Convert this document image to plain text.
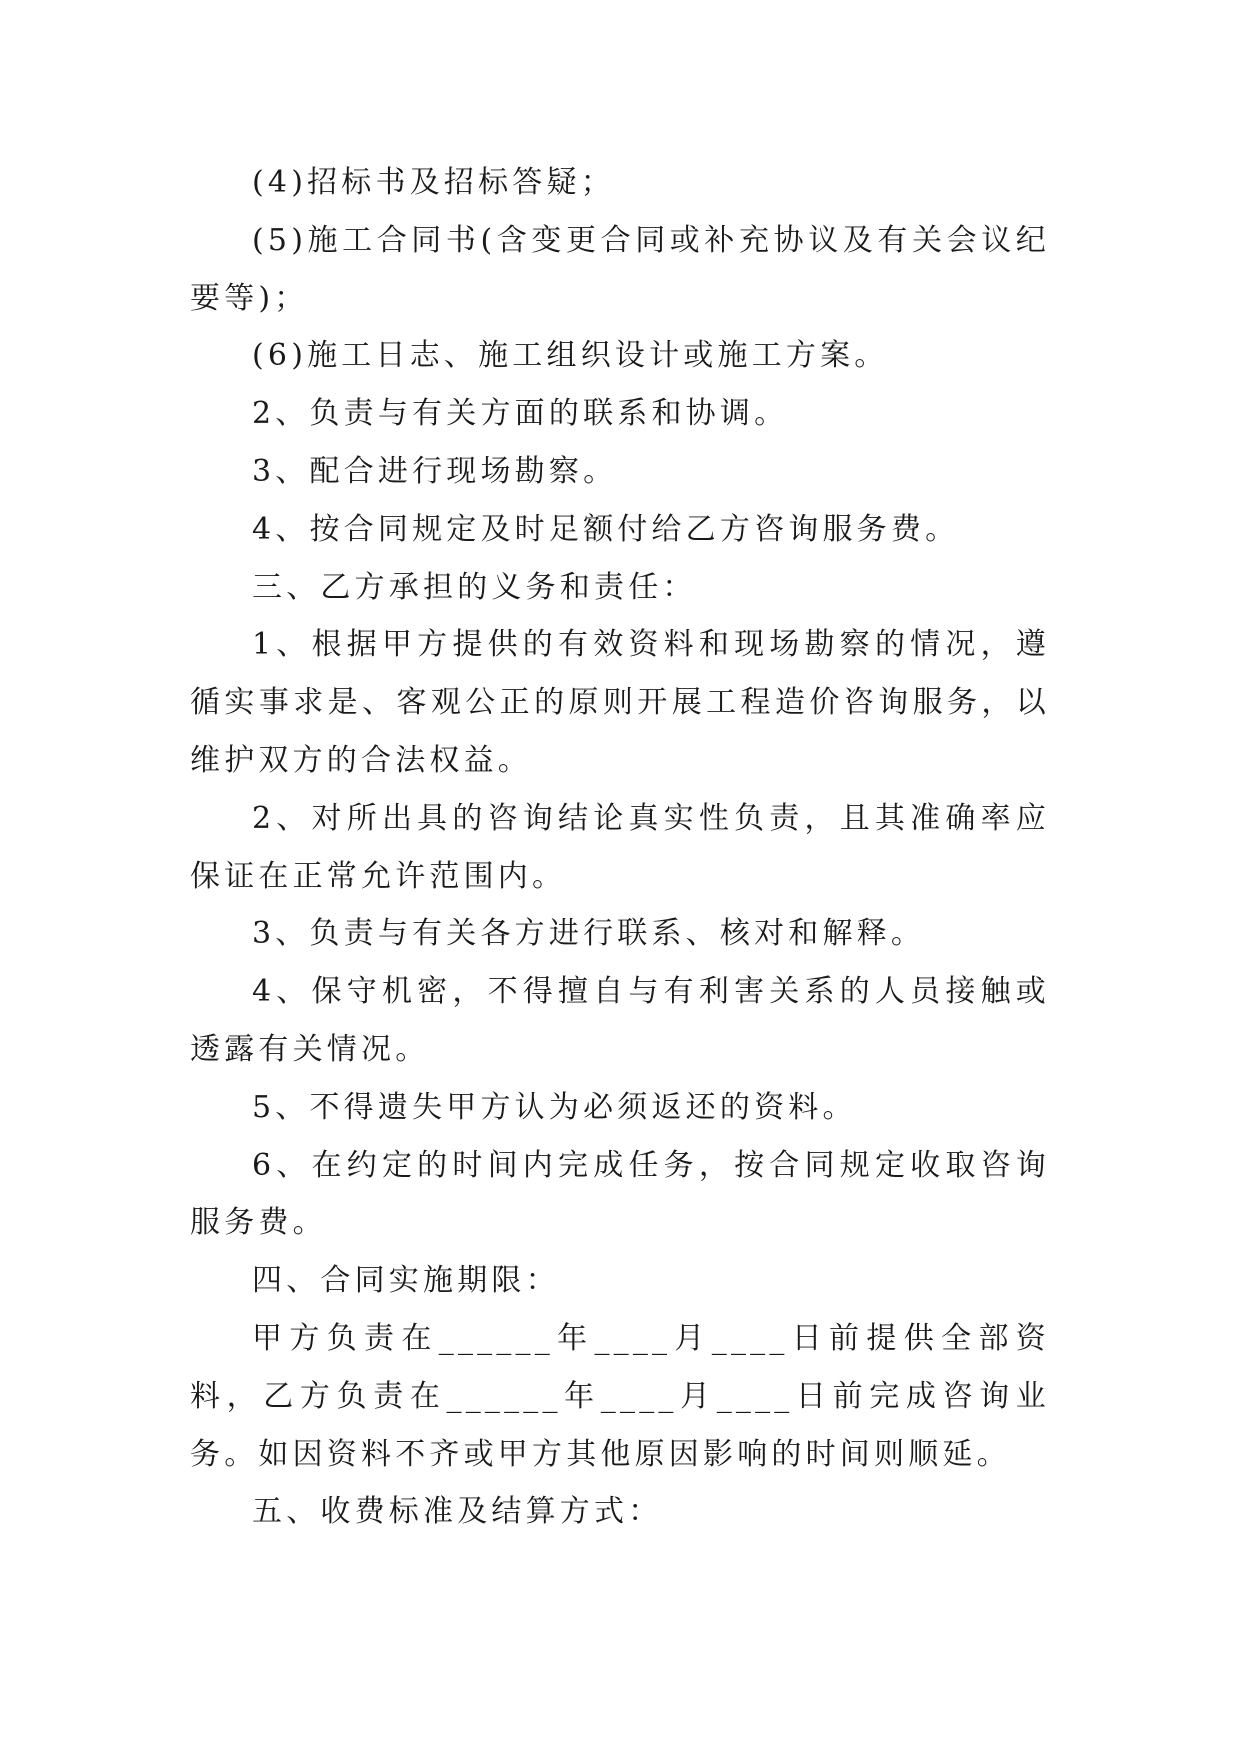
(4)招标书及招标答疑；

(5)施工合同书(含变更合同或补充协议及有关会议纪要等)；

(6)施工日志、施工组织设计或施工方案。

2、负责与有关方面的联系和协调。

3、配合进行现场勘察。

4、按合同规定及时足额付给乙方咨询服务费。

三、乙方承担的义务和责任：

1、根据甲方提供的有效资料和现场勘察的情况，遵循实事求是、客观公正的原则开展工程造价咨询服务，以维护双方的合法权益。

2、对所出具的咨询结论真实性负责，且其准确率应保证在正常允许范围内。

3、负责与有关各方进行联系、核对和解释。

4、保守机密，不得擅自与有利害关系的人员接触或透露有关情况。

5、不得遗失甲方认为必须返还的资料。

6、在约定的时间内完成任务，按合同规定收取咨询服务费。

四、合同实施期限：

甲方负责在______年____月____日前提供全部资料，乙方负责在______年____月____日前完成咨询业务。如因资料不齐或甲方其他原因影响的时间则顺延。

五、收费标准及结算方式：
